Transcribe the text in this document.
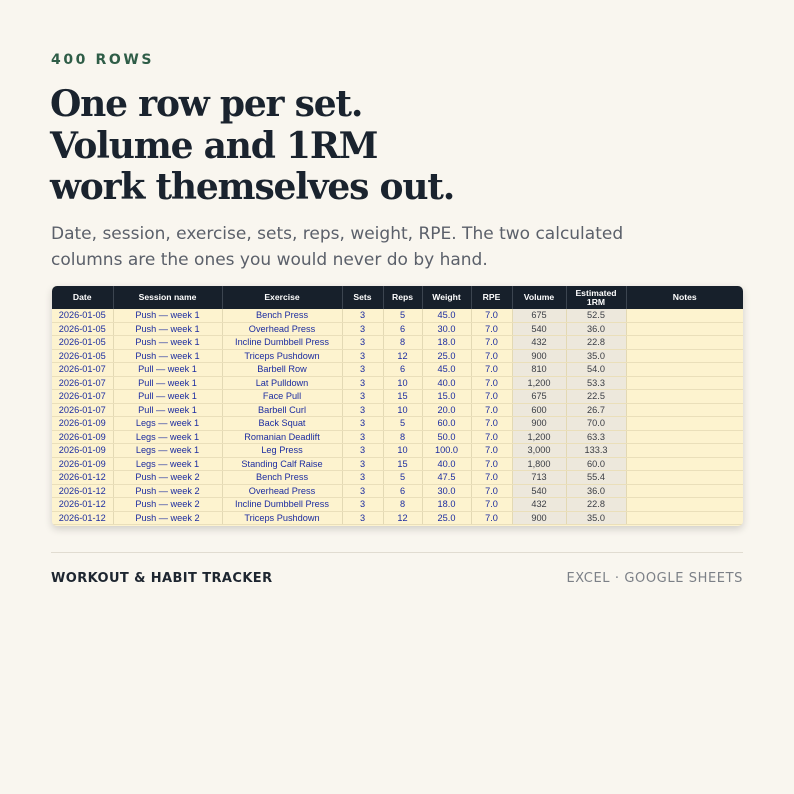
400 ROWS
One row per set.
Volume and 1RM
work themselves out.
Date, session, exercise, sets, reps, weight, RPE. The two calculated
columns are the ones you would never do by hand.
Date	Session name	Exercise	Sets	Reps	Weight	RPE	Volume	Estimated 1RM	Notes
2026-01-05	Push — week 1	Bench Press	3	5	45.0	7.0	675	52.5	
2026-01-05	Push — week 1	Overhead Press	3	6	30.0	7.0	540	36.0	
2026-01-05	Push — week 1	Incline Dumbbell Press	3	8	18.0	7.0	432	22.8	
2026-01-05	Push — week 1	Triceps Pushdown	3	12	25.0	7.0	900	35.0	
2026-01-07	Pull — week 1	Barbell Row	3	6	45.0	7.0	810	54.0	
2026-01-07	Pull — week 1	Lat Pulldown	3	10	40.0	7.0	1,200	53.3	
2026-01-07	Pull — week 1	Face Pull	3	15	15.0	7.0	675	22.5	
2026-01-07	Pull — week 1	Barbell Curl	3	10	20.0	7.0	600	26.7	
2026-01-09	Legs — week 1	Back Squat	3	5	60.0	7.0	900	70.0	
2026-01-09	Legs — week 1	Romanian Deadlift	3	8	50.0	7.0	1,200	63.3	
2026-01-09	Legs — week 1	Leg Press	3	10	100.0	7.0	3,000	133.3	
2026-01-09	Legs — week 1	Standing Calf Raise	3	15	40.0	7.0	1,800	60.0	
2026-01-12	Push — week 2	Bench Press	3	5	47.5	7.0	713	55.4	
2026-01-12	Push — week 2	Overhead Press	3	6	30.0	7.0	540	36.0	
2026-01-12	Push — week 2	Incline Dumbbell Press	3	8	18.0	7.0	432	22.8	
2026-01-12	Push — week 2	Triceps Pushdown	3	12	25.0	7.0	900	35.0	
WORKOUT & HABIT TRACKER	EXCEL · GOOGLE SHEETS
